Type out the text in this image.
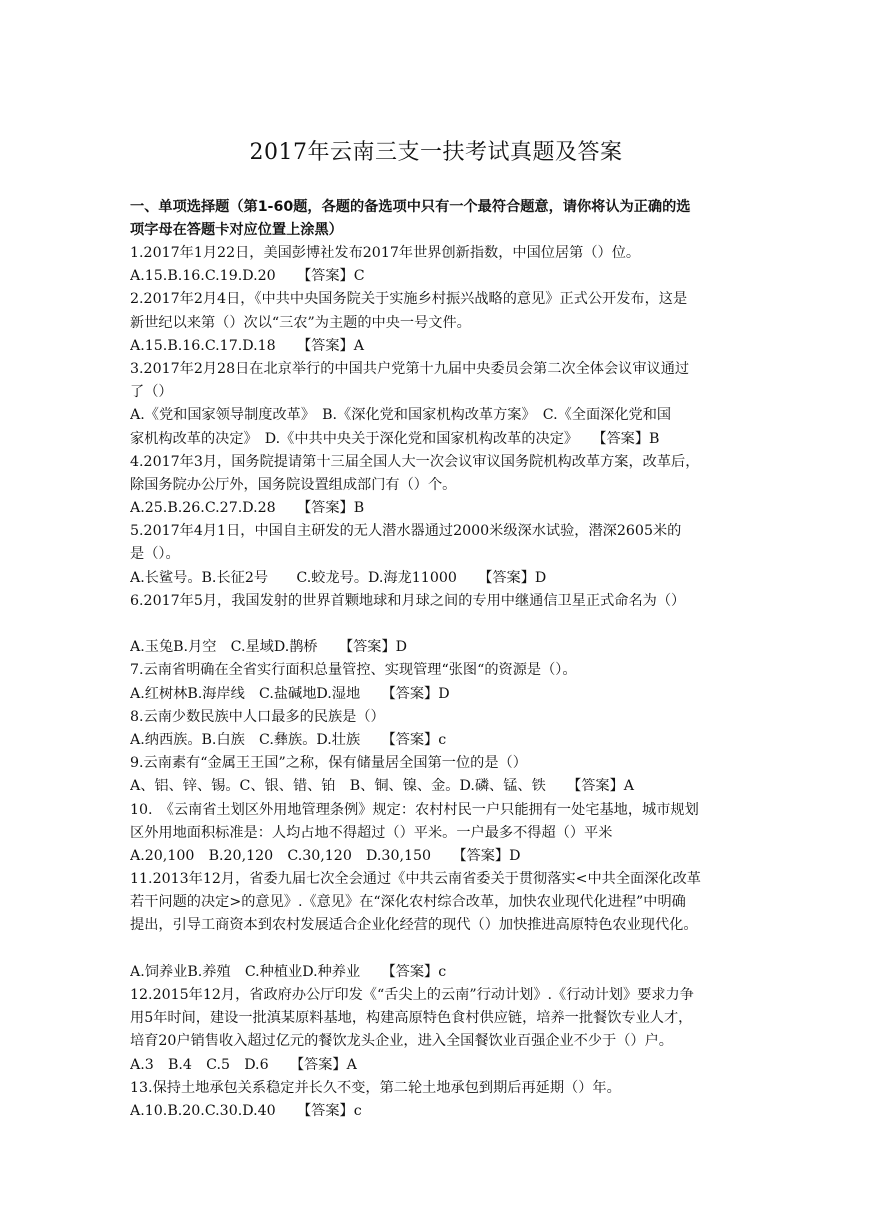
2017年云南三支一扶考试真题及答案
一、单项选择题（第1-60题，各题的备选项中只有一个最符合题意，请你将认为正确的选
项字母在答题卡对应位置上涂黑）
1.2017年1月22日，美国彭博社发布2017年世界创新指数，中国位居第（）位。
A.15.B.16.C.19.D.20　　【答案】C
2.2017年2月4日，《中共中央国务院关于实施乡村振兴战略的意见》正式公开发布，这是
新世纪以来第（）次以“三农”为主题的中央一号文件。
A.15.B.16.C.17.D.18　　【答案】A
3.2017年2月28日在北京举行的中国共户党第十九届中央委员会第二次全体会议审议通过
了（）
A.《党和国家领导制度改革》　B.《深化党和国家机构改革方案》　C.《全面深化党和国
家机构改革的决定》　D.《中共中央关于深化党和国家机构改革的决定》　　【答案】B
4.2017年3月，国务院提请第十三届全国人大一次会议审议国务院机构改革方案，改革后，
除国务院办公厅外，国务院设置组成部门有（）个。
A.25.B.26.C.27.D.28　　【答案】B
5.2017年4月1日，中国自主研发的无人潜水器通过2000米级深水试验，潜深2605米的
是（）。
A.长鲨号。B.长征2号　　C.蛟龙号。D.海龙11000　　【答案】D
6.2017年5月，我国发射的世界首颗地球和月球之间的专用中继通信卫星正式命名为（）
A.玉兔B.月空　C.星域D.鹊桥　　【答案】D
7.云南省明确在全省实行面积总量管控、实现管理“张图“的资源是（）。
A.红树林B.海岸线　C.盐碱地D.湿地　　【答案】D
8.云南少数民族中人口最多的民族是（）
A.纳西族。B.白族　C.彝族。D.壮族　　【答案】c
9.云南素有“金属王王国”之称，保有储量居全国第一位的是（）
A、铝、锌、锡。C、银、错、铂　B、铜、镍、金。D.磷、锰、铁　　【答案】A
10.　《云南省土划区外用地管理条例》规定：农村村民一户只能拥有一处宅基地，城市规划
区外用地面积标准是：人均占地不得超过（）平米。一户最多不得超（）平米
A.20,100　B.20,120　C.30,120　D.30,150　　【答案】D
11.2013年12月，省委九届七次全会通过《中共云南省委关于贯彻落实<中共全面深化改革
若干问题的决定>的意见》.《意见》在“深化农村综合改革，加快农业现代化进程”中明确
提出，引导工商资本到农村发展适合企业化经营的现代（）加快推进高原特色农业现代化。
A.饲养业B.养殖　C.种植业D.种养业　　【答案】c
12.2015年12月，省政府办公厅印发《“舌尖上的云南”行动计划》.《行动计划》要求力争
用5年时间，建设一批滇某原料基地，构建高原特色食村供应链，培养一批餐饮专业人才，
培育20户销售收入超过亿元的餐饮龙头企业，进入全国餐饮业百强企业不少于（）户。
A.3　B.4　C.5　D.6　　【答案】A
13.保持土地承包关系稳定并长久不变，第二轮土地承包到期后再延期（）年。
A.10.B.20.C.30.D.40　　【答案】c
